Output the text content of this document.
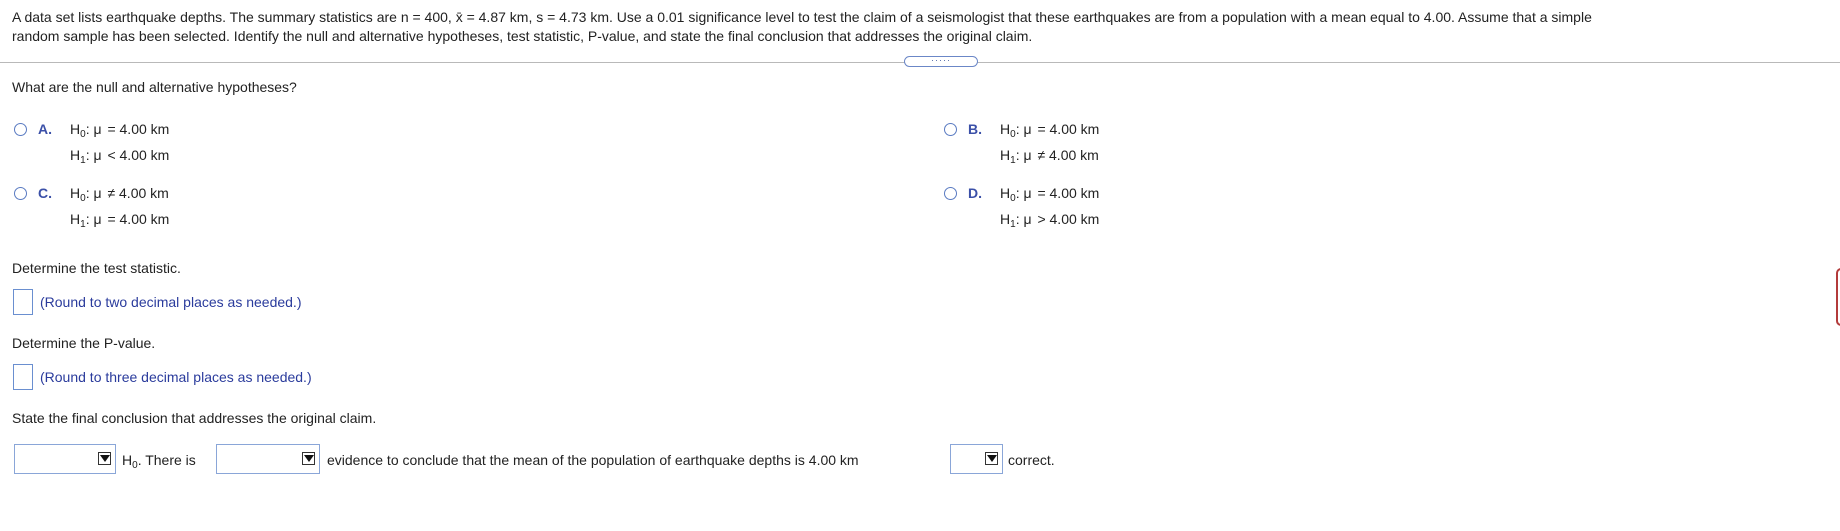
A data set lists earthquake depths. The summary statistics are n = 400, x̄ = 4.87 km, s = 4.73 km. Use a 0.01 significance level to test the claim of a seismologist that these earthquakes are from a population with a mean equal to 4.00. Assume that a simple
random sample has been selected. Identify the null and alternative hypotheses, test statistic, P-value, and state the final conclusion that addresses the original claim.
·····
What are the null and alternative hypotheses?
A. $H_0$: μ = 4.00 km
$H_1$: μ < 4.00 km
B. $H_0$: μ = 4.00 km
$H_1$: μ ≠ 4.00 km
C. $H_0$: μ ≠ 4.00 km
$H_1$: μ = 4.00 km
D. $H_0$: μ = 4.00 km
$H_1$: μ > 4.00 km
Determine the test statistic.
(Round to two decimal places as needed.)
Determine the P-value.
(Round to three decimal places as needed.)
State the final conclusion that addresses the original claim.
$H_0$. There is	evidence to conclude that the mean of the population of earthquake depths is 4.00 km	correct.
